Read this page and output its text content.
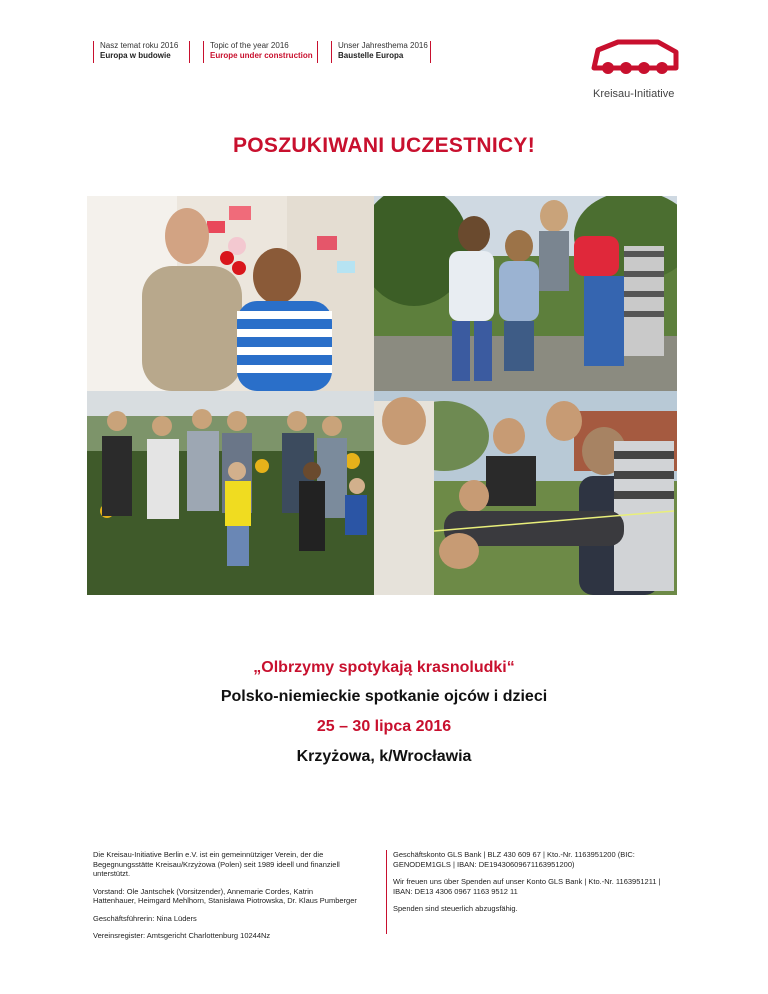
Nasz temat roku 2016
Europa w budowie
Topic of the year 2016
Europe under construction
Unser Jahresthema 2016
Baustelle Europa
Kreisau-Initiative
POSZUKIWANI UCZESTNICY!
„Olbrzymy spotykają krasnoludki“
Polsko-niemieckie spotkanie ojców i dzieci
25 – 30 lipca 2016
Krzyżowa, k/Wrocławia

Die Kreisau-Initiative Berlin e.V. ist ein gemeinnütziger Verein, der die Begegnungsstätte Kreisau/Krzyżowa (Polen) seit 1989 ideell und finanziell unterstützt.

Vorstand: Ole Jantschek (Vorsitzender), Annemarie Cordes, Katrin Hattenhauer, Heimgard Mehlhorn, Stanisława Piotrowska, Dr. Klaus Pumberger

Geschäftsführerin: Nina Lüders

Vereinsregister: Amtsgericht Charlottenburg 10244Nz

Geschäftskonto GLS Bank | BLZ 430 609 67 | Kto.-Nr. 1163951200 (BIC: GENODEM1GLS | IBAN: DE19430609671163951200)

Wir freuen uns über Spenden auf unser Konto GLS Bank | Kto.-Nr. 1163951211 | IBAN: DE13 4306 0967 1163 9512 11

Spenden sind steuerlich abzugsfähig.
